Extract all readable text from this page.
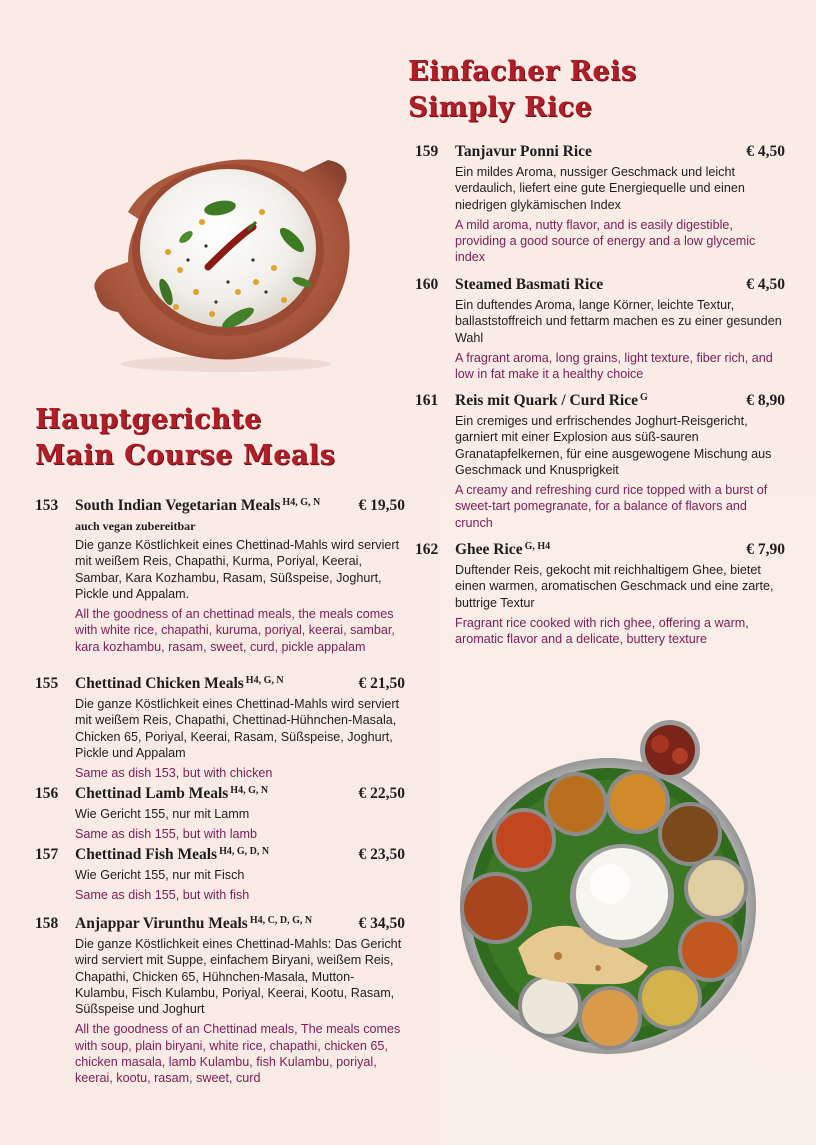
Einfacher Reis
Simply Rice
159	Tanjavur Ponni Rice	€ 4,50
Ein mildes Aroma, nussiger Geschmack und leicht verdaulich, liefert eine gute Energiequelle und einen niedrigen glykämischen Index
A mild aroma, nutty flavor, and is easily digestible, providing a good source of energy and a low glycemic index
160	Steamed Basmati Rice	€ 4,50
Ein duftendes Aroma, lange Körner, leichte Textur, ballaststoffreich und fettarm machen es zu einer gesunden Wahl
A fragrant aroma, long grains, light texture, fiber rich, and low in fat make it a healthy choice
161	Reis mit Quark / Curd Rice $^G$	€ 8,90
Ein cremiges und erfrischendes Joghurt-Reisgericht, garniert mit einer Explosion aus süß-sauren Granatapfelkernen, für eine ausgewogene Mischung aus Geschmack und Knusprigkeit
A creamy and refreshing curd rice topped with a burst of sweet-tart pomegranate, for a balance of flavors and crunch
162	Ghee Rice $^{G, H4}$	€ 7,90
Duftender Reis, gekocht mit reichhaltigem Ghee, bietet einen warmen, aromatischen Geschmack und eine zarte, buttrige Textur
Fragrant rice cooked with rich ghee, offering a warm, aromatic flavor and a delicate, buttery texture
Hauptgerichte
Main Course Meals
153	South Indian Vegetarian Meals $^{H4, G, N}$	€ 19,50
auch vegan zubereitbar
Die ganze Köstlichkeit eines Chettinad-Mahls wird serviert mit weißem Reis, Chapathi, Kurma, Poriyal, Keerai, Sambar, Kara Kozhambu, Rasam, Süßspeise, Joghurt, Pickle und Appalam.
All the goodness of an chettinad meals, the meals comes with white rice, chapathi, kuruma, poriyal, keerai, sambar, kara kozhambu, rasam, sweet, curd, pickle appalam
155	Chettinad Chicken Meals $^{H4, G, N}$	€ 21,50
Die ganze Köstlichkeit eines Chettinad-Mahls wird serviert mit weißem Reis, Chapathi, Chettinad-Hühnchen-Masala, Chicken 65, Poriyal, Keerai, Rasam, Süßspeise, Joghurt, Pickle und Appalam
Same as dish 153, but with chicken
156	Chettinad Lamb Meals $^{H4, G, N}$	€ 22,50
Wie Gericht 155, nur mit Lamm
Same as dish 155, but with lamb
157	Chettinad Fish Meals $^{H4, G, D, N}$	€ 23,50
Wie Gericht 155, nur mit Fisch
Same as dish 155, but with fish
158	Anjappar Virunthu Meals $^{H4, C, D, G, N}$	€ 34,50
Die ganze Köstlichkeit eines Chettinad-Mahls: Das Gericht wird serviert mit Suppe, einfachem Biryani, weißem Reis, Chapathi, Chicken 65, Hühnchen-Masala, Mutton-Kulambu, Fisch Kulambu, Poriyal, Keerai, Kootu, Rasam, Süßspeise und Joghurt
All the goodness of an Chettinad meals, The meals comes with soup, plain biryani, white rice, chapathi, chicken 65, chicken masala, lamb Kulambu, fish Kulambu, poriyal, keerai, kootu, rasam, sweet, curd
